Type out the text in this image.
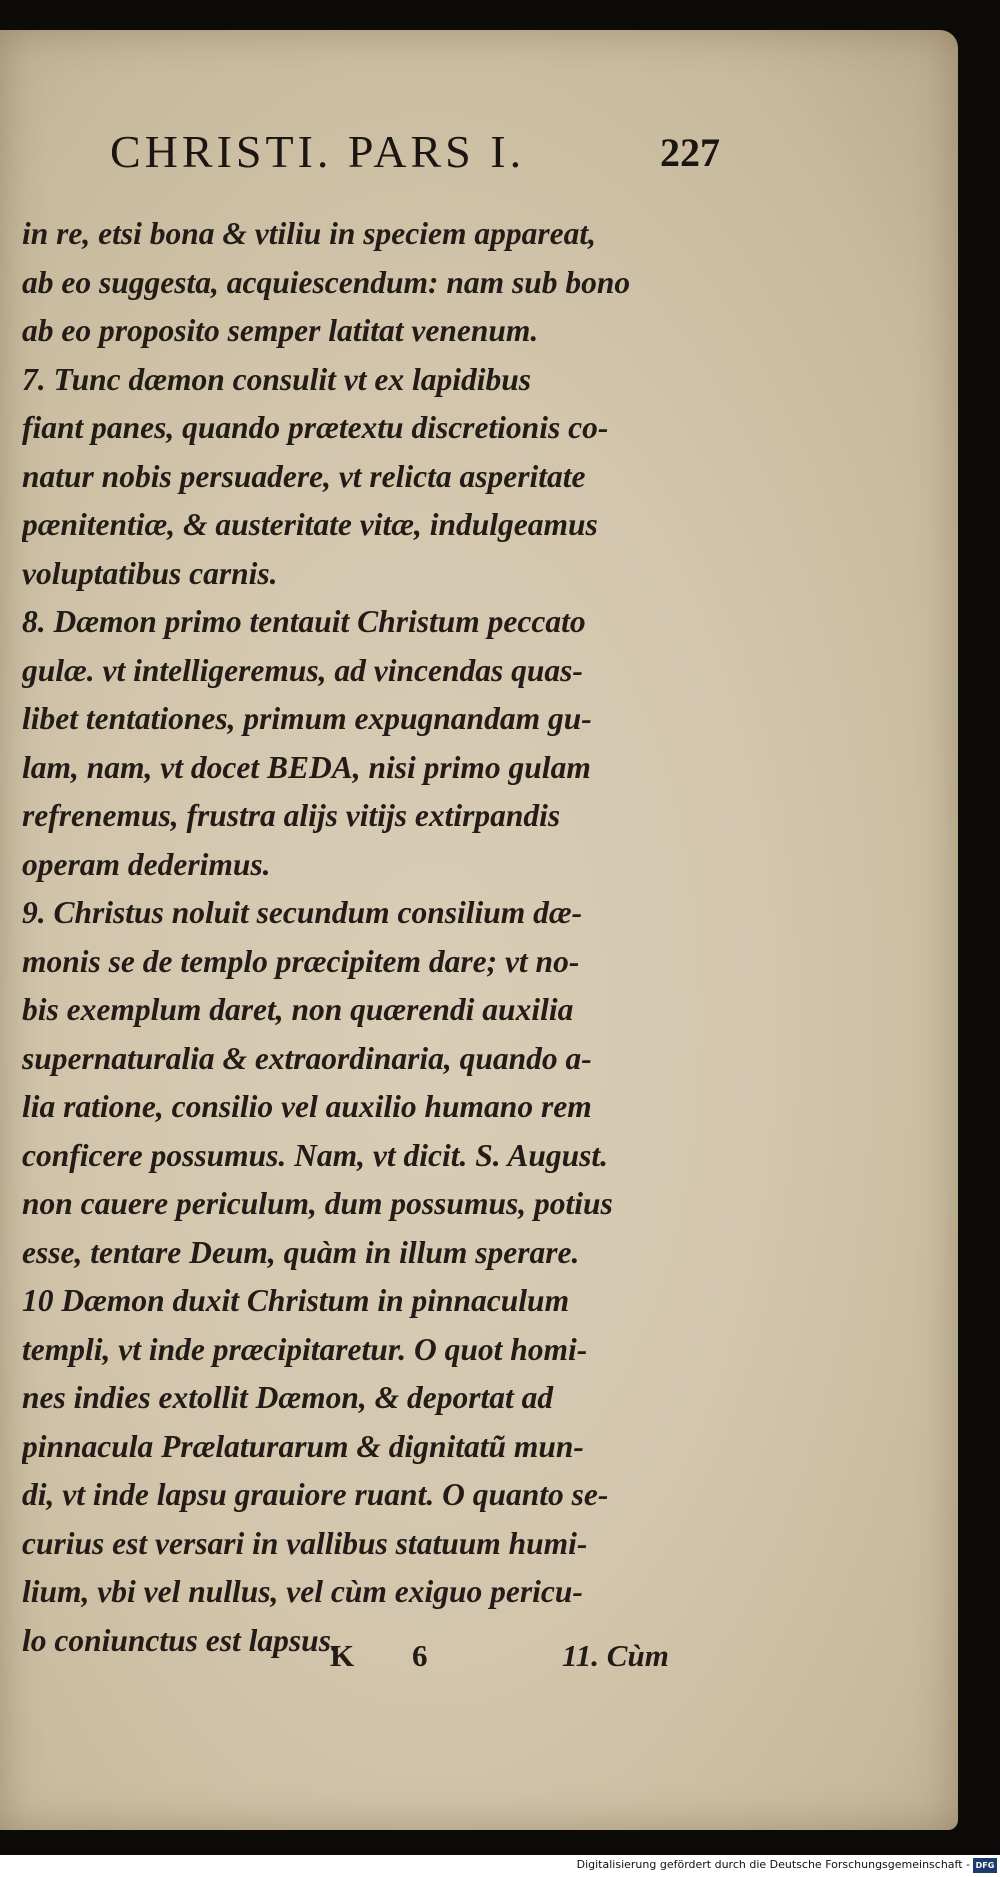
CHRISTI. PARS I.	227
in re, etsi bona & vtiliu in speciem appareat,
ab eo suggesta, acquiescendum: nam sub bono
ab eo proposito semper latitat venenum.
7. Tunc dæmon consulit vt ex lapidibus
fiant panes, quando prætextu discretionis co-
natur nobis persuadere, vt relicta asperitate
pænitentiæ, & austeritate vitæ, indulgeamus
voluptatibus carnis.
8. Dæmon primo tentauit Christum peccato
gulæ. vt intelligeremus, ad vincendas quas-
libet tentationes, primum expugnandam gu-
lam, nam, vt docet BEDA, nisi primo gulam
refrenemus, frustra alijs vitijs extirpandis
operam dederimus.
9. Christus noluit secundum consilium dæ-
monis se de templo præcipitem dare; vt no-
bis exemplum daret, non quærendi auxilia
supernaturalia & extraordinaria, quando a-
lia ratione, consilio vel auxilio humano rem
conficere possumus. Nam, vt dicit. S. August.
non cauere periculum, dum possumus, potius
esse, tentare Deum, quàm in illum sperare.
10 Dæmon duxit Christum in pinnaculum
templi, vt inde præcipitaretur. O quot homi-
nes indies extollit Dæmon, & deportat ad
pinnacula Prælaturarum & dignitatũ mun-
di, vt inde lapsu grauiore ruant. O quanto se-
curius est versari in vallibus statuum humi-
lium, vbi vel nullus, vel cùm exiguo pericu-
lo coniunctus est lapsus.
K 6	11. Cùm
Digitalisierung gefördert durch die Deutsche Forschungsgemeinschaft - DFG
